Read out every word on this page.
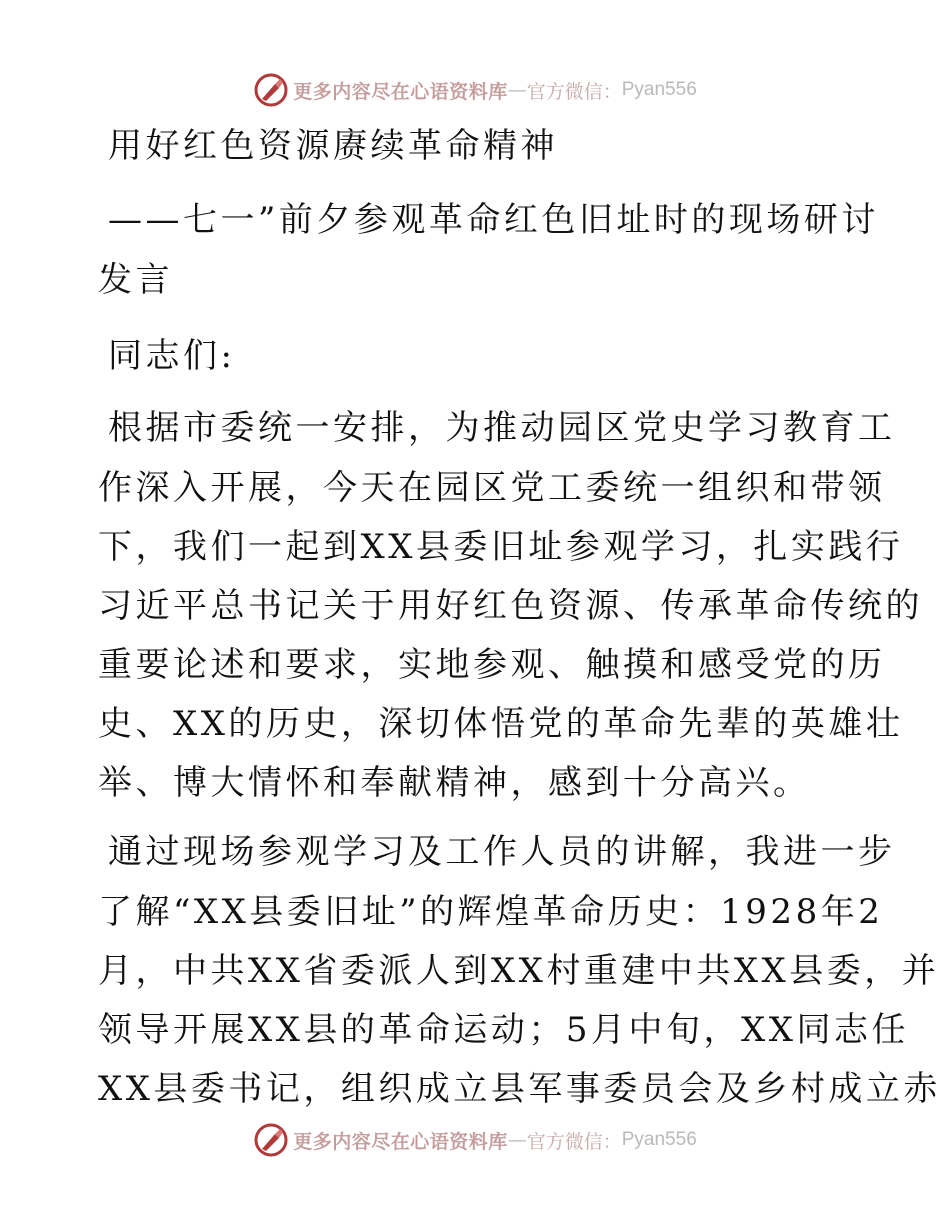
更多内容尽在心语资料库 — 官方微信： Pyan556
用好红色资源赓续革命精神
——七一”前夕参观革命红色旧址时的现场研讨
发言
同志们:
根据市委统一安排，为推动园区党史学习教育工
作深入开展，今天在园区党工委统一组织和带领
下，我们一起到XX县委旧址参观学习，扎实践行
习近平总书记关于用好红色资源、传承革命传统的
重要论述和要求，实地参观、触摸和感受党的历
史、XX的历史，深切体悟党的革命先辈的英雄壮
举、博大情怀和奉献精神，感到十分高兴。
通过现场参观学习及工作人员的讲解，我进一步
了解“XX县委旧址”的辉煌革命历史：1928年2
月，中共XX省委派人到XX村重建中共XX县委，并
领导开展XX县的革命运动；5月中旬，XX同志任
XX县委书记，组织成立县军事委员会及乡村成立赤
更多内容尽在心语资料库 — 官方微信： Pyan556
